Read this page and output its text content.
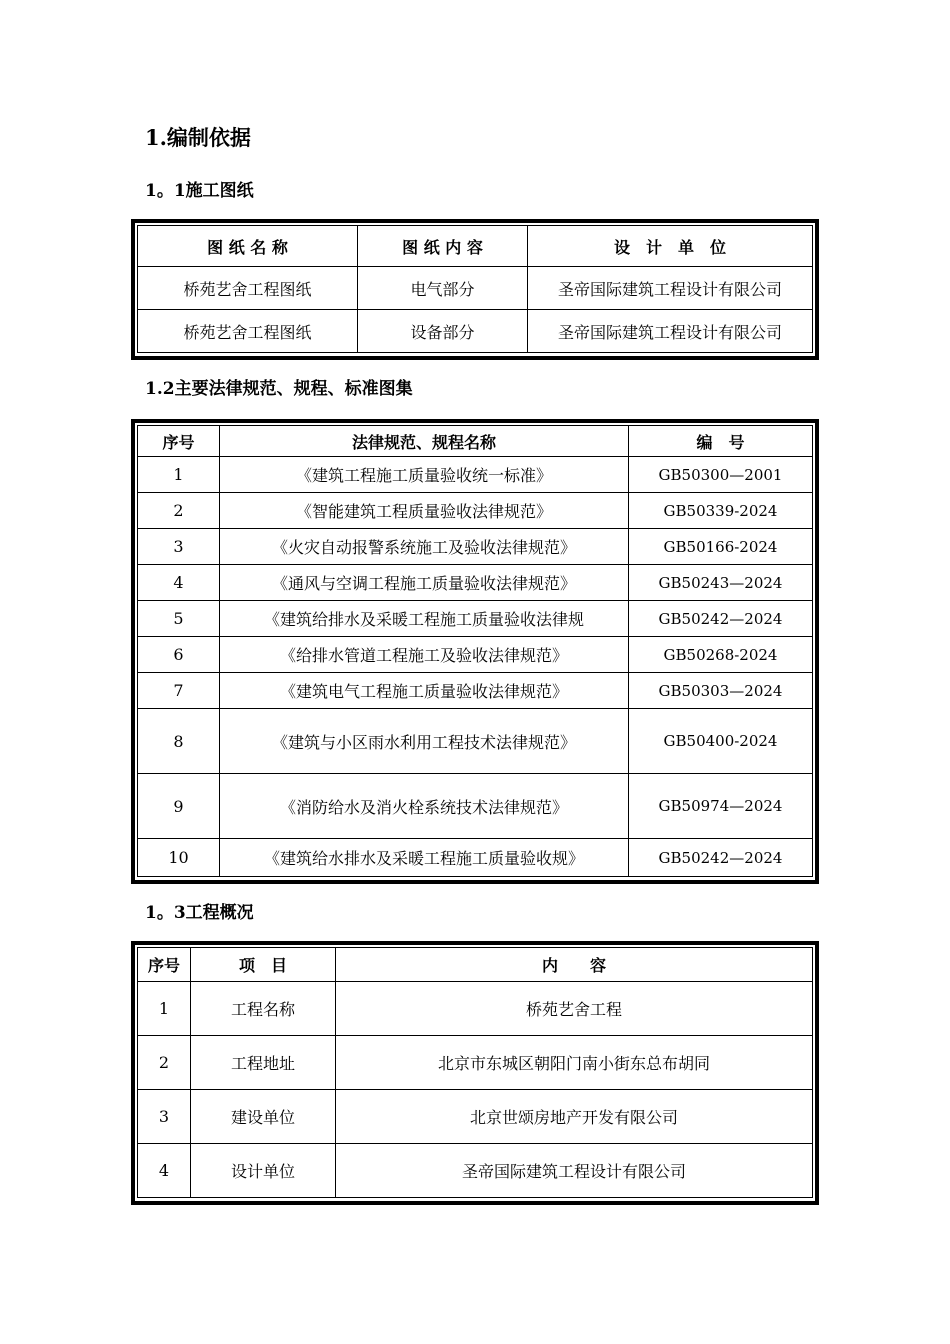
1.编制依据
1。1施工图纸
图 纸 名 称	图 纸 内 容	设　计　单　位
桥苑艺舍工程图纸	电气部分	圣帝国际建筑工程设计有限公司
桥苑艺舍工程图纸	设备部分	圣帝国际建筑工程设计有限公司
1.2主要法律规范、规程、标准图集
序号	法律规范、规程名称	编　号
1	《建筑工程施工质量验收统一标准》	GB50300—2001
2	《智能建筑工程质量验收法律规范》	GB50339-2024
3	《火灾自动报警系统施工及验收法律规范》	GB50166-2024
4	《通风与空调工程施工质量验收法律规范》	GB50243—2024
5	《建筑给排水及采暖工程施工质量验收法律规	GB50242—2024
6	《给排水管道工程施工及验收法律规范》	GB50268-2024
7	《建筑电气工程施工质量验收法律规范》	GB50303—2024
8	《建筑与小区雨水利用工程技术法律规范》	GB50400-2024
9	《消防给水及消火栓系统技术法律规范》	GB50974—2024
10	《建筑给水排水及采暖工程施工质量验收规》	GB50242—2024
1。3工程概况
序号	项　目	内　　容
1	工程名称	桥苑艺舍工程
2	工程地址	北京市东城区朝阳门南小街东总布胡同
3	建设单位	北京世颂房地产开发有限公司
4	设计单位	圣帝国际建筑工程设计有限公司
